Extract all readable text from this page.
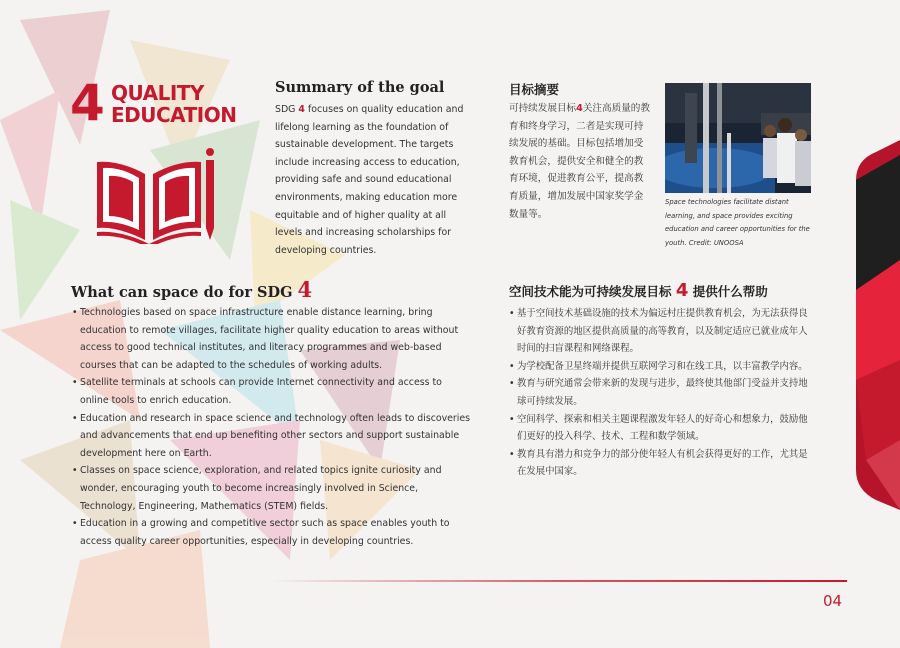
4 QUALITY
EDUCATION
Summary of the goal

SDG 4 focuses on quality education and lifelong learning as the foundation of sustainable development. The targets include increasing access to education, providing safe and sound educational environments, making education more equitable and of higher quality at all levels and increasing scholarships for developing countries.

目标摘要

可持续发展目标4关注高质量的教育和终身学习，二者是实现可持续发展的基础。目标包括增加受教育机会，提供安全和健全的教育环境，促进教育公平，提高教育质量，增加发展中国家奖学金数量等。

Space technologies facilitate distant learning, and space provides exciting education and career opportunities for the youth. Credit: UNOOSA

What can space do for SDG 4
• Technologies based on space infrastructure enable distance learning, bring education to remote villages, facilitate higher quality education to areas without access to good technical institutes, and literacy programmes and web-based courses that can be adapted to the schedules of working adults.
• Satellite terminals at schools can provide Internet connectivity and access to online tools to enrich education.
• Education and research in space science and technology often leads to discoveries and advancements that end up benefiting other sectors and support sustainable development here on Earth.
• Classes on space science, exploration, and related topics ignite curiosity and wonder, encouraging youth to become increasingly involved in Science, Technology, Engineering, Mathematics (STEM) fields.
• Education in a growing and competitive sector such as space enables youth to access quality career opportunities, especially in developing countries.
空间技术能为可持续发展目标 4 提供什么帮助
• 基于空间技术基础设施的技术为偏远村庄提供教育机会，为无法获得良好教育资源的地区提供高质量的高等教育，以及制定适应已就业成年人时间的扫盲课程和网络课程。
• 为学校配备卫星终端并提供互联网学习和在线工具，以丰富教学内容。
• 教育与研究通常会带来新的发现与进步，最终使其他部门受益并支持地球可持续发展。
• 空间科学、探索和相关主题课程激发年轻人的好奇心和想象力，鼓励他们更好的投入科学、技术、工程和数学领域。
• 教育具有潜力和竞争力的部分使年轻人有机会获得更好的工作，尤其是在发展中国家。
04
